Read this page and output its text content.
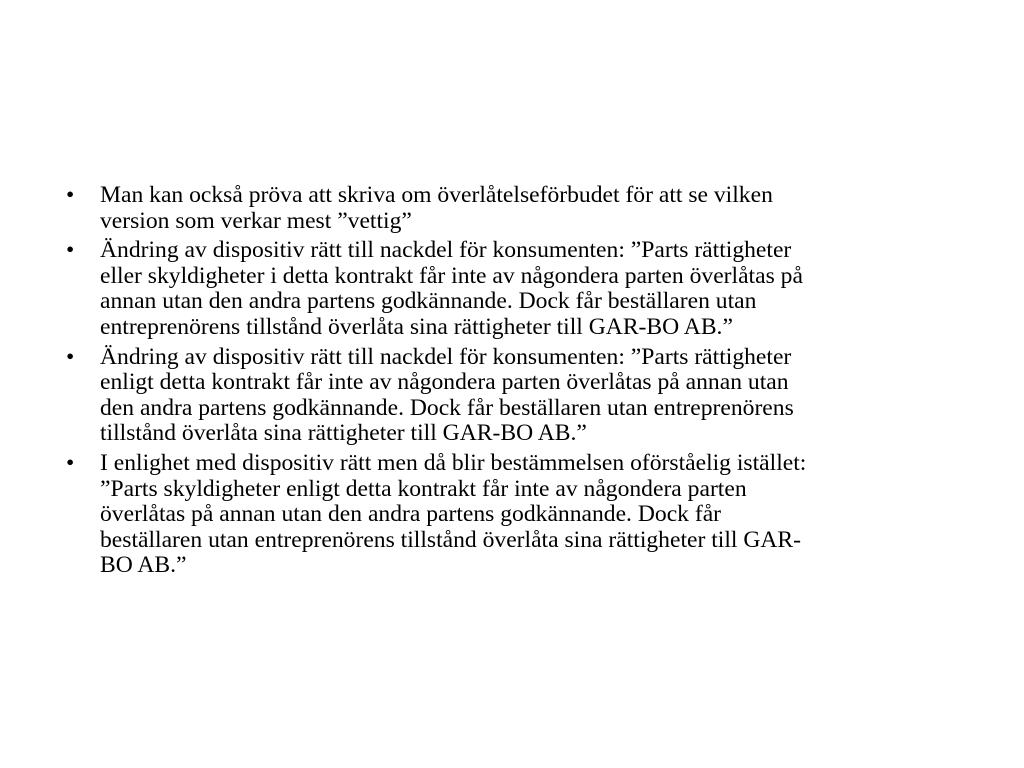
• Man kan också pröva att skriva om överlåtelseförbudet för att se vilken
version som verkar mest ”vettig”
• Ändring av dispositiv rätt till nackdel för konsumenten: ”Parts rättigheter
eller skyldigheter i detta kontrakt får inte av någondera parten överlåtas på
annan utan den andra partens godkännande. Dock får beställaren utan
entreprenörens tillstånd överlåta sina rättigheter till GAR-BO AB.”
• Ändring av dispositiv rätt till nackdel för konsumenten: ”Parts rättigheter
enligt detta kontrakt får inte av någondera parten överlåtas på annan utan
den andra partens godkännande. Dock får beställaren utan entreprenörens
tillstånd överlåta sina rättigheter till GAR-BO AB.”
• I enlighet med dispositiv rätt men då blir bestämmelsen oförståelig istället:
”Parts skyldigheter enligt detta kontrakt får inte av någondera parten
överlåtas på annan utan den andra partens godkännande. Dock får
beställaren utan entreprenörens tillstånd överlåta sina rättigheter till GAR-
BO AB.”
